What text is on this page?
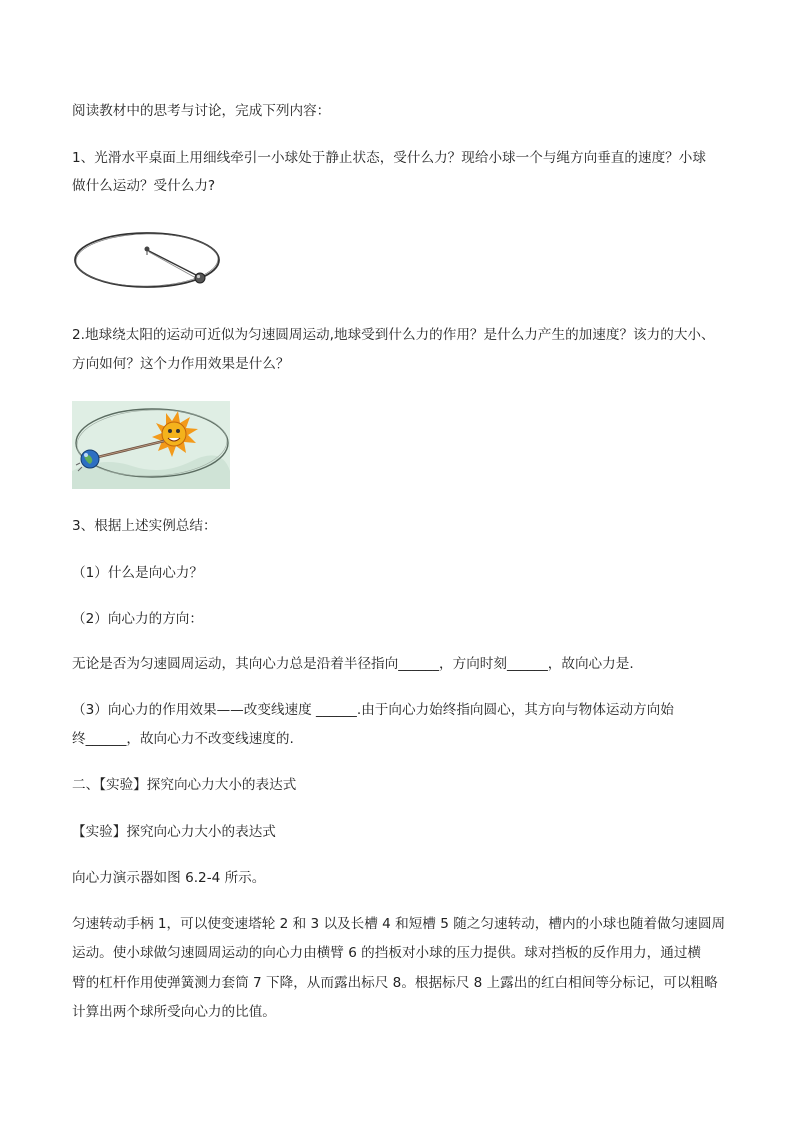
阅读教材中的思考与讨论，完成下列内容：
1、光滑水平桌面上用细线牵引一小球处于静止状态，受什么力？现给小球一个与绳方向垂直的速度？小球
做什么运动？受什么力?
2.地球绕太阳的运动可近似为匀速圆周运动,地球受到什么力的作用？是什么力产生的加速度？该力的大小、
方向如何？这个力作用效果是什么？
3、根据上述实例总结：
（1）什么是向心力？
（2）向心力的方向：
无论是否为匀速圆周运动，其向心力总是沿着半径指向______，方向时刻______，故向心力是.
（3）向心力的作用效果——改变线速度 ______.由于向心力始终指向圆心，其方向与物体运动方向始
终______，故向心力不改变线速度的.
二、【实验】探究向心力大小的表达式
【实验】探究向心力大小的表达式
向心力演示器如图 6.2-4 所示。
匀速转动手柄 1，可以使变速塔轮 2 和 3 以及长槽 4 和短槽 5 随之匀速转动，槽内的小球也随着做匀速圆周
运动。使小球做匀速圆周运动的向心力由横臂 6 的挡板对小球的压力提供。球对挡板的反作用力，通过横
臂的杠杆作用使弹簧测力套筒 7 下降，从而露出标尺 8。根据标尺 8 上露出的红白相间等分标记，可以粗略
计算出两个球所受向心力的比值。
